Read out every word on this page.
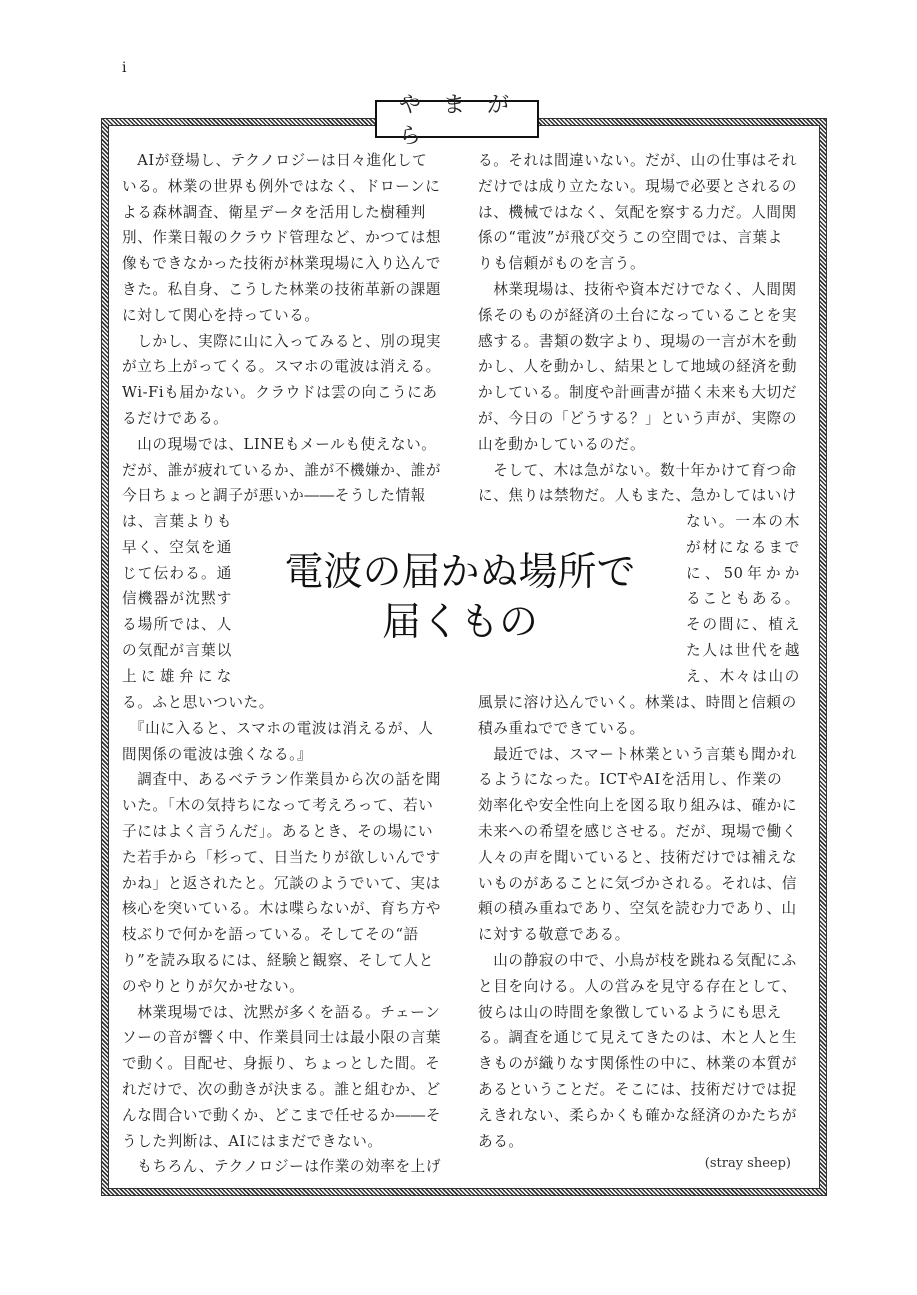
i
やまがら
　AIが登場し、テクノロジーは日々進化して
いる。林業の世界も例外ではなく、ドローンに
よる森林調査、衛星データを活用した樹種判
別、作業日報のクラウド管理など、かつては想
像もできなかった技術が林業現場に入り込んで
きた。私自身、こうした林業の技術革新の課題
に対して関心を持っている。
　しかし、実際に山に入ってみると、別の現実
が立ち上がってくる。スマホの電波は消える。
Wi-Fiも届かない。クラウドは雲の向こうにあ
るだけである。
　山の現場では、LINEもメールも使えない。
だが、誰が疲れているか、誰が不機嫌か、誰が
今日ちょっと調子が悪いか――そうした情報
る。それは間違いない。だが、山の仕事はそれ
だけでは成り立たない。現場で必要とされるの
は、機械ではなく、気配を察する力だ。人間関
係の“電波”が飛び交うこの空間では、言葉よ
りも信頼がものを言う。
　林業現場は、技術や資本だけでなく、人間関
係そのものが経済の土台になっていることを実
感する。書類の数字より、現場の一言が木を動
かし、人を動かし、結果として地域の経済を動
かしている。制度や計画書が描く未来も大切だ
が、今日の「どうする？」という声が、実際の
山を動かしているのだ。
　そして、木は急がない。数十年かけて育つ命
に、焦りは禁物だ。人もまた、急かしてはいけ
は、言葉よりも
早く、空気を通
じて伝わる。通
信機器が沈黙す
る場所では、人
の気配が言葉以
上に雄弁にな
ない。一本の木
が材になるまで
に、50年かか
ることもある。
その間に、植え
た人は世代を越
え、木々は山の
る。ふと思いついた。
　『山に入ると、スマホの電波は消えるが、人
間関係の電波は強くなる。』
　調査中、あるベテラン作業員から次の話を聞
いた。「木の気持ちになって考えろって、若い
子にはよく言うんだ」。あるとき、その場にい
た若手から「杉って、日当たりが欲しいんです
かね」と返されたと。冗談のようでいて、実は
核心を突いている。木は喋らないが、育ち方や
枝ぶりで何かを語っている。そしてその“語
り”を読み取るには、経験と観察、そして人と
のやりとりが欠かせない。
　林業現場では、沈黙が多くを語る。チェーン
ソーの音が響く中、作業員同士は最小限の言葉
で動く。目配せ、身振り、ちょっとした間。そ
れだけで、次の動きが決まる。誰と組むか、ど
んな間合いで動くか、どこまで任せるか――そ
うした判断は、AIにはまだできない。
　もちろん、テクノロジーは作業の効率を上げ
風景に溶け込んでいく。林業は、時間と信頼の
積み重ねでできている。
　最近では、スマート林業という言葉も聞かれ
るようになった。ICTやAIを活用し、作業の
効率化や安全性向上を図る取り組みは、確かに
未来への希望を感じさせる。だが、現場で働く
人々の声を聞いていると、技術だけでは補えな
いものがあることに気づかされる。それは、信
頼の積み重ねであり、空気を読む力であり、山
に対する敬意である。
　山の静寂の中で、小鳥が枝を跳ねる気配にふ
と目を向ける。人の営みを見守る存在として、
彼らは山の時間を象徴しているようにも思え
る。調査を通じて見えてきたのは、木と人と生
きものが織りなす関係性の中に、林業の本質が
あるということだ。そこには、技術だけでは捉
えきれない、柔らかくも確かな経済のかたちが
ある。
電波の届かぬ場所で
届くもの
(stray sheep)
